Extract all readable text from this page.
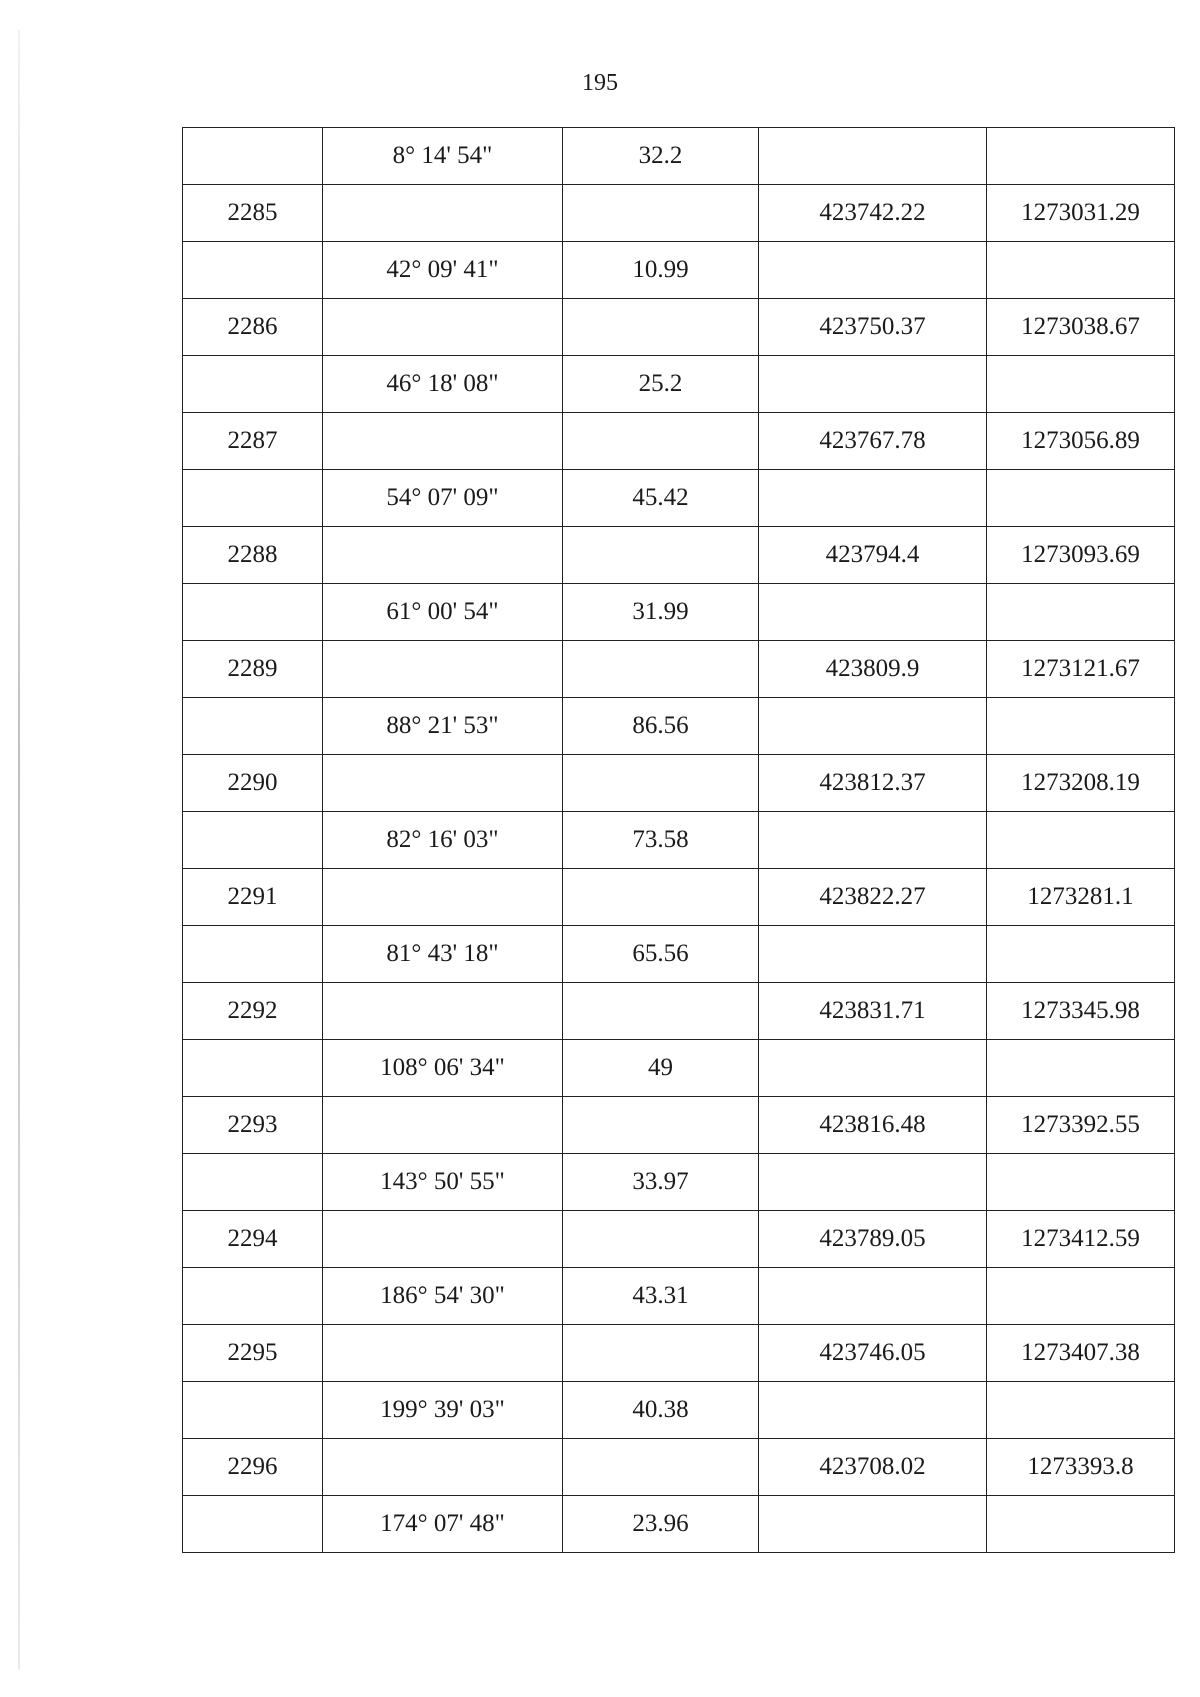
195
	8° 14' 54"	32.2		
2285			423742.22	1273031.29
	42° 09' 41"	10.99		
2286			423750.37	1273038.67
	46° 18' 08"	25.2		
2287			423767.78	1273056.89
	54° 07' 09"	45.42		
2288			423794.4	1273093.69
	61° 00' 54"	31.99		
2289			423809.9	1273121.67
	88° 21' 53"	86.56		
2290			423812.37	1273208.19
	82° 16' 03"	73.58		
2291			423822.27	1273281.1
	81° 43' 18"	65.56		
2292			423831.71	1273345.98
	108° 06' 34"	49		
2293			423816.48	1273392.55
	143° 50' 55"	33.97		
2294			423789.05	1273412.59
	186° 54' 30"	43.31		
2295			423746.05	1273407.38
	199° 39' 03"	40.38		
2296			423708.02	1273393.8
	174° 07' 48"	23.96		
